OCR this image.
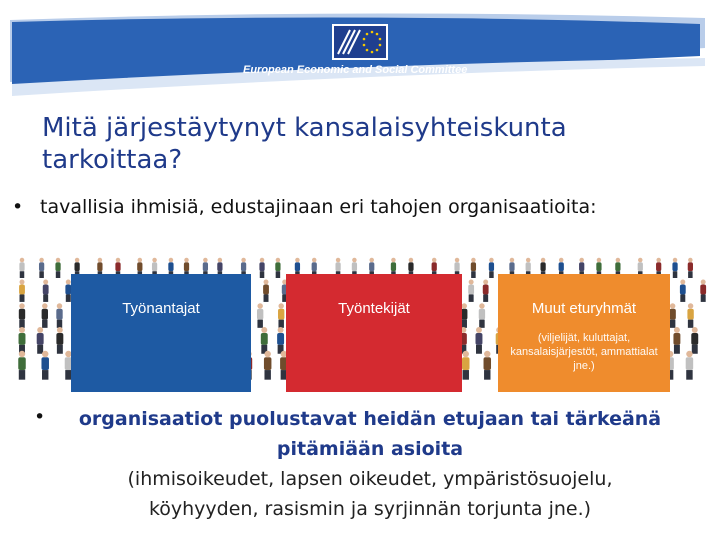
European Economic and Social Committee
Mitä järjestäytynyt kansalaisyhteiskunta
tarkoittaa?
• tavallisia ihmisiä, edustajinaan eri tahojen organisaatioita:
Työnantajat	Työntekijät	Muut eturyhmät
(viljelijät, kuluttajat, kansalaisjärjestöt, ammattialat jne.)
•	organisaatiot puolustavat heidän etujaan tai tärkeänä
pitämiään asioita
(ihmisoikeudet, lapsen oikeudet, ympäristösuojelu,
köyhyyden, rasismin ja syrjinnän torjunta jne.)
